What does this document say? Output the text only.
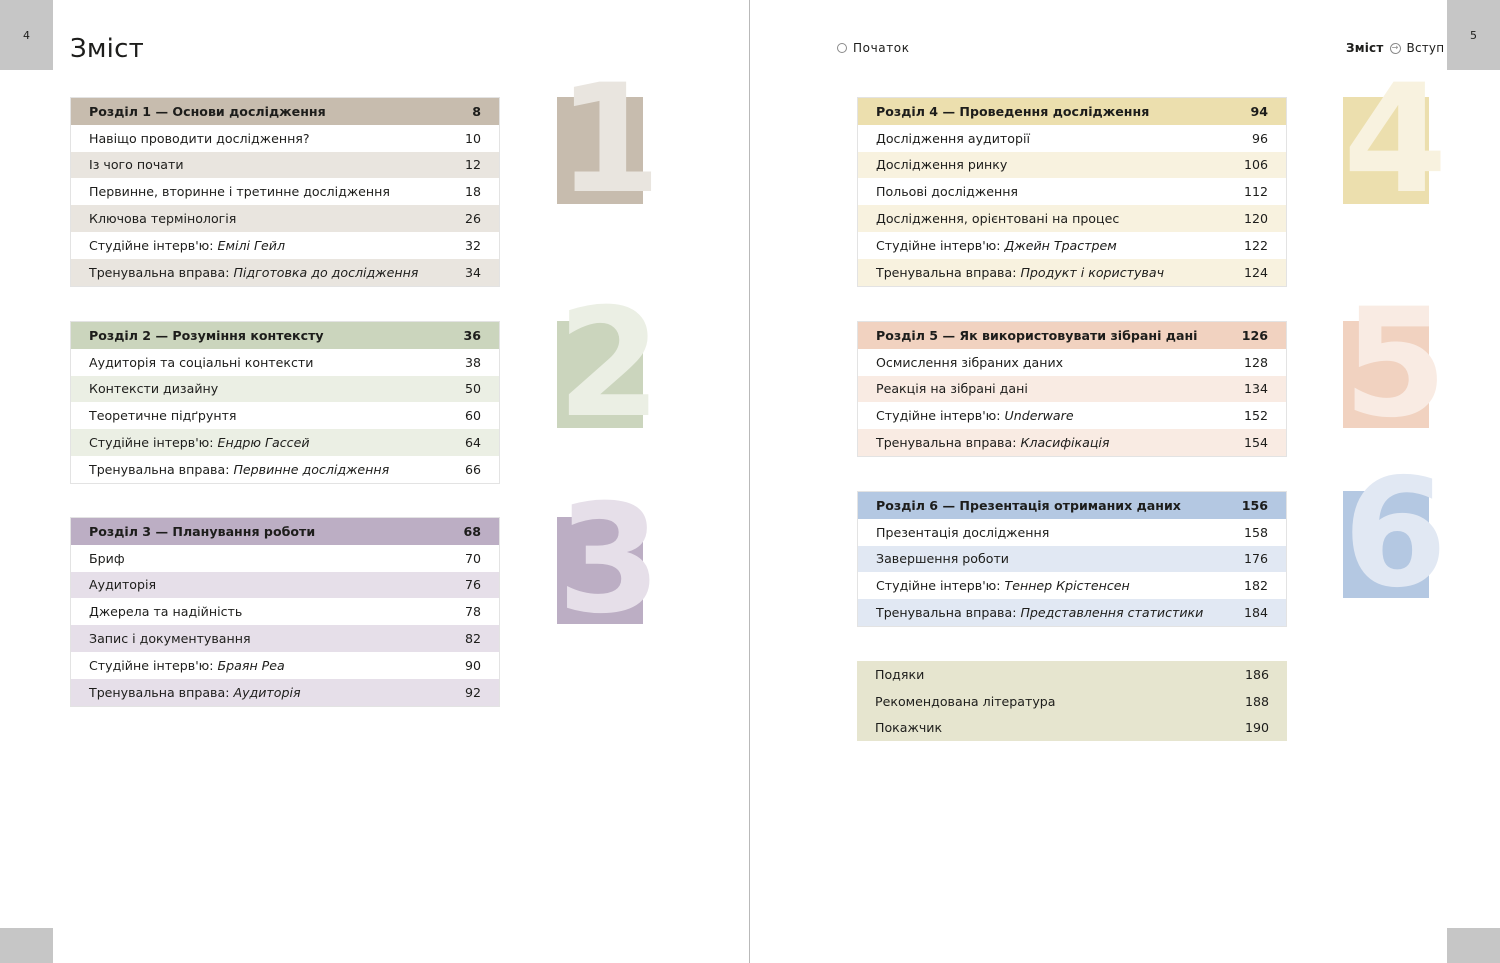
4 Зміст
Розділ 1 — Основи дослідження	8
Навіщо проводити дослідження?	10
Із чого почати	12
Первинне, вторинне і третинне дослідження	18
Ключова термінологія	26
Студійне інтерв'ю: Емілі Гейл	32
Тренувальна вправа: Підготовка до дослідження	34
1
Розділ 2 — Розуміння контексту	36
Аудиторія та соціальні контексти	38
Контексти дизайну	50
Теоретичне підґрунтя	60
Студійне інтерв'ю: Ендрю Гассей	64
Тренувальна вправа: Первинне дослідження	66
2
Розділ 3 — Планування роботи	68
Бриф	70
Аудиторія	76
Джерела та надійність	78
Запис і документування	82
Студійне інтерв'ю: Браян Реа	90
Тренувальна вправа: Аудиторія	92
3
Початок	Зміст → Вступ
5
Розділ 4 — Проведення дослідження	94
Дослідження аудиторії	96
Дослідження ринку	106
Польові дослідження	112
Дослідження, орієнтовані на процес	120
Студійне інтерв'ю: Джейн Трастрем	122
Тренувальна вправа: Продукт і користувач	124
4
Розділ 5 — Як використовувати зібрані дані	126
Осмислення зібраних даних	128
Реакція на зібрані дані	134
Студійне інтерв'ю: Underware	152
Тренувальна вправа: Класифікація	154 5
Розділ 6 — Презентація отриманих даних	156
Презентація дослідження	158
Завершення роботи	176
Студійне інтерв'ю: Теннер Крістенсен	182
Тренувальна вправа: Представлення статистики	184 6
Подяки	186
Рекомендована література	188
Покажчик	190
